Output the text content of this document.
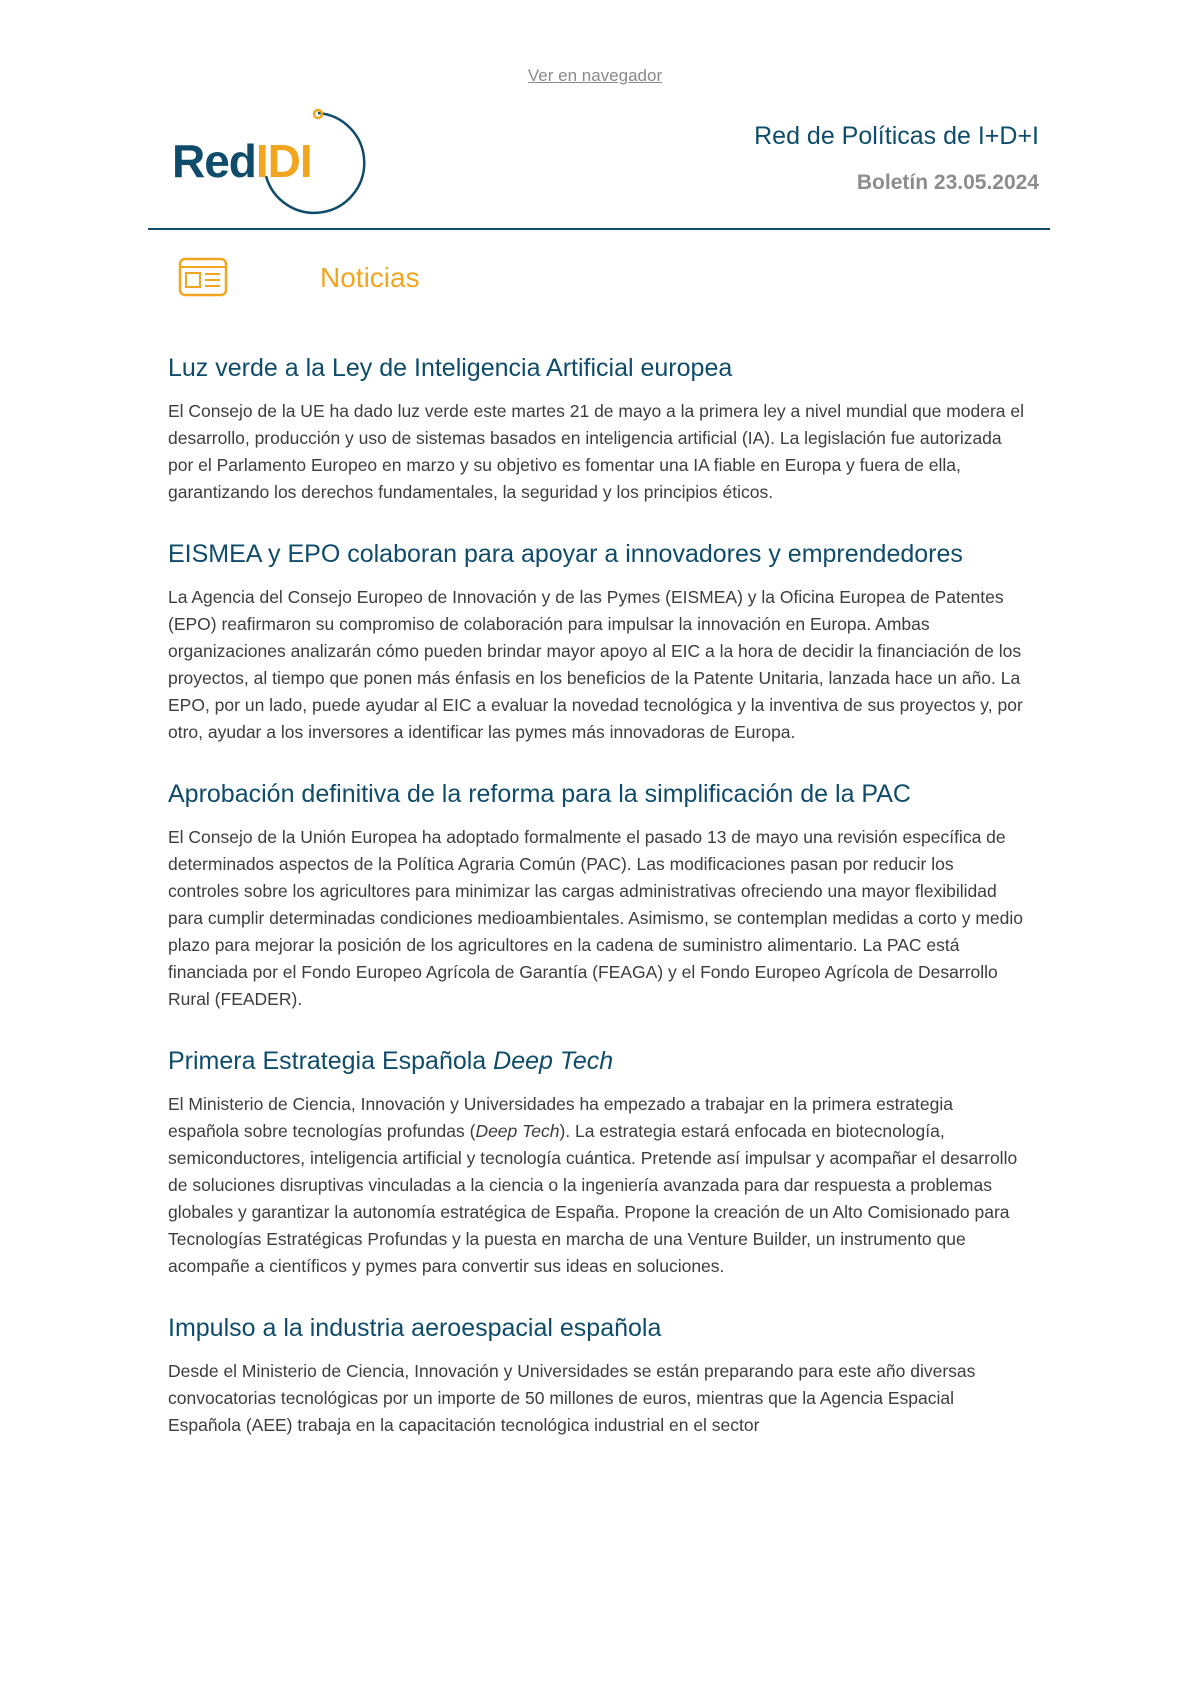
Ver en navegador
RedIDI	Red de Políticas de I+D+I
Boletín 23.05.2024
Noticias
Luz verde a la Ley de Inteligencia Artificial europea

El Consejo de la UE ha dado luz verde este martes 21 de mayo a la primera ley a nivel mundial que modera el desarrollo, producción y uso de sistemas basados en inteligencia artificial (IA). La legislación fue autorizada por el Parlamento Europeo en marzo y su objetivo es fomentar una IA fiable en Europa y fuera de ella, garantizando los derechos fundamentales, la seguridad y los principios éticos.

EISMEA y EPO colaboran para apoyar a innovadores y emprendedores

La Agencia del Consejo Europeo de Innovación y de las Pymes (EISMEA) y la Oficina Europea de Patentes (EPO) reafirmaron su compromiso de colaboración para impulsar la innovación en Europa. Ambas organizaciones analizarán cómo pueden brindar mayor apoyo al EIC a la hora de decidir la financiación de los proyectos, al tiempo que ponen más énfasis en los beneficios de la Patente Unitaria, lanzada hace un año. La EPO, por un lado, puede ayudar al EIC a evaluar la novedad tecnológica y la inventiva de sus proyectos y, por otro, ayudar a los inversores a identificar las pymes más innovadoras de Europa.

Aprobación definitiva de la reforma para la simplificación de la PAC

El Consejo de la Unión Europea ha adoptado formalmente el pasado 13 de mayo una revisión específica de determinados aspectos de la Política Agraria Común (PAC). Las modificaciones pasan por reducir los controles sobre los agricultores para minimizar las cargas administrativas ofreciendo una mayor flexibilidad para cumplir determinadas condiciones medioambientales. Asimismo, se contemplan medidas a corto y medio plazo para mejorar la posición de los agricultores en la cadena de suministro alimentario. La PAC está financiada por el Fondo Europeo Agrícola de Garantía (FEAGA) y el Fondo Europeo Agrícola de Desarrollo Rural (FEADER).

Primera Estrategia Española Deep Tech

El Ministerio de Ciencia, Innovación y Universidades ha empezado a trabajar en la primera estrategia española sobre tecnologías profundas (Deep Tech). La estrategia estará enfocada en biotecnología, semiconductores, inteligencia artificial y tecnología cuántica. Pretende así impulsar y acompañar el desarrollo de soluciones disruptivas vinculadas a la ciencia o la ingeniería avanzada para dar respuesta a problemas globales y garantizar la autonomía estratégica de España. Propone la creación de un Alto Comisionado para Tecnologías Estratégicas Profundas y la puesta en marcha de una Venture Builder, un instrumento que acompañe a científicos y pymes para convertir sus ideas en soluciones.

Impulso a la industria aeroespacial española

Desde el Ministerio de Ciencia, Innovación y Universidades se están preparando para este año diversas convocatorias tecnológicas por un importe de 50 millones de euros, mientras que la Agencia Espacial Española (AEE) trabaja en la capacitación tecnológica industrial en el sector
